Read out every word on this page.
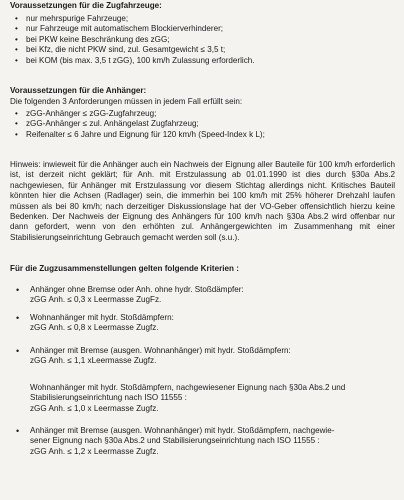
Voraussetzungen für die Zugfahrzeuge:

• nur mehrspurige Fahrzeuge;
• nur Fahrzeuge mit automatischem Blockierverhinderer;
• bei PKW keine Beschränkung des zGG;
• bei Kfz, die nicht PKW sind, zul. Gesamtgewicht ≤ 3,5 t;
• bei KOM (bis max. 3,5 t zGG), 100 km/h Zulassung erforderlich.

Voraussetzungen für die Anhänger:

Die folgenden 3 Anforderungen müssen in jedem Fall erfüllt sein:

• zGG-Anhänger ≤ zGG-Zugfahrzeug;
• zGG-Anhänger ≤ zul. Anhängelast Zugfahrzeug;
• Reifenalter ≤ 6 Jahre und Eignung für 120 km/h (Speed-Index k L);

Hinweis: inwieweit für die Anhänger auch ein Nachweis der Eignung aller Bauteile für 100 km/h erforderlich ist, ist derzeit nicht geklärt; für Anh. mit Erstzulassung ab 01.01.1990 ist dies durch §30a Abs.2 nachgewiesen, für Anhänger mit Erstzulassung vor diesem Stichtag allerdings nicht. Kritisches Bauteil könnten hier die Achsen (Radlager) sein, die immerhin bei 100 km/h mit 25% höherer Drehzahl laufen müssen als bei 80 km/h; nach derzeitiger Diskussionslage hat der VO-Geber offensichtlich hierzu keine Bedenken. Der Nachweis der Eignung des Anhängers für 100 km/h nach §30a Abs.2 wird offenbar nur dann gefordert, wenn von den erhöhten zul. Anhängergewichten im Zusammenhang mit einer Stabilisierungseinrichtung Gebrauch gemacht werden soll (s.u.).

Für die Zugzusammenstellungen gelten folgende Kriterien :

• Anhänger ohne Bremse oder Anh. ohne hydr. Stoßdämpfer:
zGG Anh. ≤ 0,3 x Leermasse ZugFz.
• Wohnanhänger mit hydr. Stoßdämpfern:
zGG Anh. ≤ 0,8 x Leermasse Zugfz.
• Anhänger mit Bremse (ausgen. Wohnanhänger) mit hydr. Stoßdämpfern:
zGG Anh. ≤ 1,1 xLeermasse Zugfz.
Wohnanhänger mit hydr. Stoßdämpfern, nachgewiesener Eignung nach §30a Abs.2 und
Stabilisierungseinrichtung nach ISO 11555 :
zGG Anh. ≤ 1,0 x Leermasse Zugfz.
• Anhänger mit Bremse (ausgen. Wohnanhänger) mit hydr. Stoßdämpfern, nachgewie-
sener Eignung nach §30a Abs.2 und Stabilisierungseinrichtung nach ISO 11555 :
zGG Anh. ≤ 1,2 x Leermasse Zugfz.
